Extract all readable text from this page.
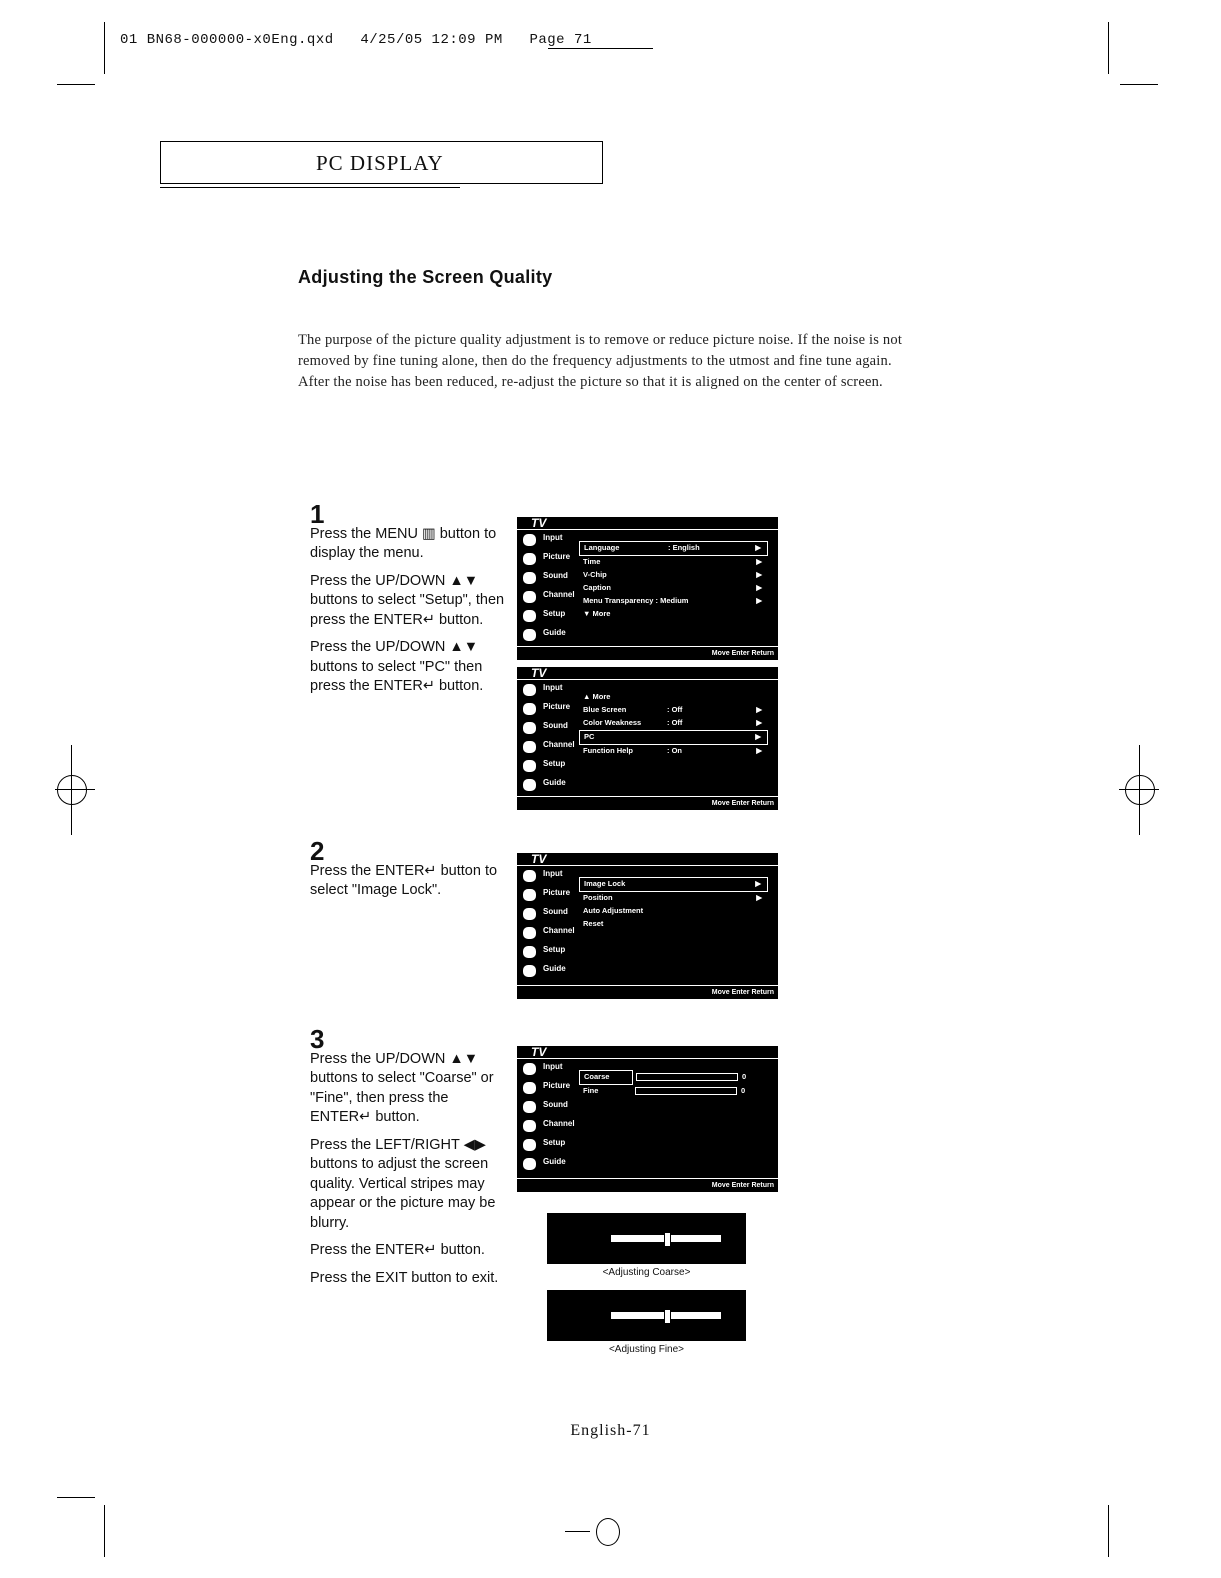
01 BN68-000000-x0Eng.qxd   4/25/05 12:09 PM   Page 71
PC DISPLAY
Adjusting the Screen Quality
The purpose of the picture quality adjustment is to remove or reduce picture noise. If the noise is not removed by fine tuning alone, then do the frequency adjustments to the utmost and fine tune again. After the noise has been reduced, re-adjust the picture so that it is aligned on the center of screen.
1

Press the MENU ▥ button to display the menu.

Press the UP/DOWN ▲▼ buttons to select "Setup", then press the ENTER↵ button.

Press the UP/DOWN ▲▼ buttons to select "PC" then press the ENTER↵ button.

2

Press the ENTER↵ button to select "Image Lock".

3

Press the UP/DOWN ▲▼ buttons to select "Coarse" or "Fine", then press the ENTER↵ button.

Press the LEFT/RIGHT ◀▶ buttons to adjust the screen quality. Vertical stripes may appear or the picture may be blurry.

Press the ENTER↵ button.

Press the EXIT button to exit.

TV
Input
Picture
Sound
Channel
Setup
Guide
Language	: English	▶
Time	▶
V-Chip	▶
Caption	▶
Menu Transparency : Medium	▶
▼ More
Move Enter Return
TV
Input
Picture
Sound
Channel
Setup
Guide
▲ More
Blue Screen	: Off	▶
Color Weakness	: Off	▶
PC	▶
Function Help	: On	▶
Move Enter Return
TV
Input
Picture
Sound
Channel
Setup
Guide
Image Lock	▶
Position	▶
Auto Adjustment
Reset
Move Enter Return
TV
Input
Picture
Sound
Channel
Setup
Guide
Coarse	0
Fine	0
Move Enter Return
<Adjusting Coarse>
<Adjusting Fine>
English-71
